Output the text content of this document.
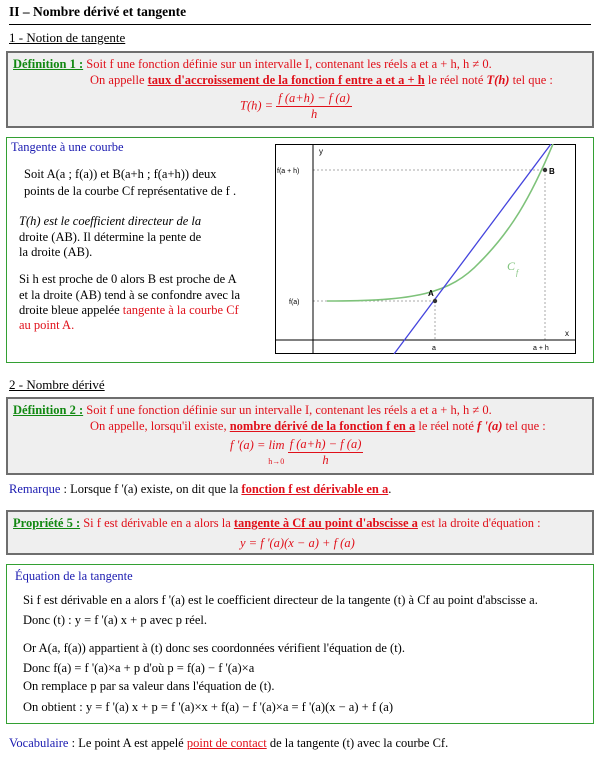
II – Nombre dérivé et tangente
1 - Notion de tangente
Définition 1 : Soit f une fonction définie sur un intervalle I, contenant les réels a et a + h, h ≠ 0.
On appelle taux d'accroissement de la fonction f entre a et a + h le réel noté T(h) tel que :
$T(h) = \frac{f (a+h) - f (a)}{h}$
Tangente à une courbe
Soit A(a ; f(a)) et B(a+h ; f(a+h)) deux
points de la courbe Cf représentative de f .
T(h) est le coefficient directeur de la
droite (AB). Il détermine la pente de
la droite (AB).
Si h est proche de 0 alors B est proche de A
et la droite (AB) tend à se confondre avec la
droite bleue appelée tangente à la courbe Cf
au point A.
y
x
f(a + h)
f(a)
a	a + h
A
B
C f
2 - Nombre dérivé
Définition 2 : Soit f une fonction définie sur un intervalle I, contenant les réels a et a + h, h ≠ 0.
On appelle, lorsqu'il existe, nombre dérivé de la fonction f en a le réel noté f '(a) tel que :
f '(a) = lim
$h\to 0 \frac{f (a+h) - f (a)}{h}$
Remarque : Lorsque f '(a) existe, on dit que la fonction f est dérivable en a.
Propriété 5 : Si f est dérivable en a alors la tangente à Cf au point d'abscisse a est la droite d'équation :
y = f '(a)(x − a) + f (a)
Équation de la tangente
Si f est dérivable en a alors f '(a) est le coefficient directeur de la tangente (t) à Cf au point d'abscisse a.
Donc (t) : y = f '(a) x + p avec p réel.
Or A(a, f(a)) appartient à (t) donc ses coordonnées vérifient l'équation de (t).
Donc f(a) = f '(a)×a + p d'où p = f(a) − f '(a)×a
On remplace p par sa valeur dans l'équation de (t).
On obtient : y = f '(a) x + p = f '(a)×x + f(a) − f '(a)×a = f '(a)(x − a) + f (a)
Vocabulaire : Le point A est appelé point de contact de la tangente (t) avec la courbe Cf.
